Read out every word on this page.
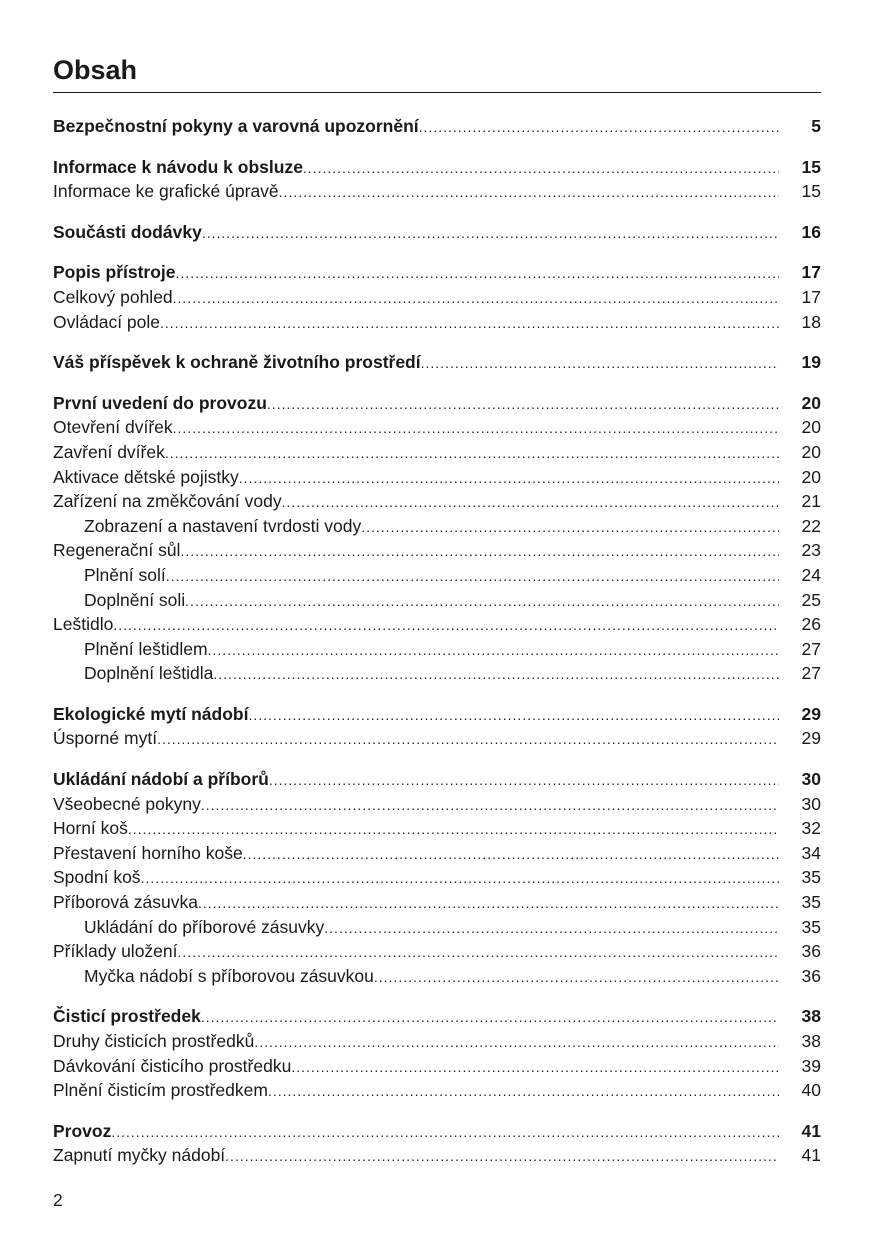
Obsah
Bezpečnostní pokyny a varovná upozornění .....	5
Informace k návodu k obsluze .....	15
Informace ke grafické úpravě .....	15
Součásti dodávky .....	16
Popis přístroje .....	17
Celkový pohled .....	17
Ovládací pole .....	18
Váš příspěvek k ochraně životního prostředí .....	19
První uvedení do provozu .....	20
Otevření dvířek .....	20
Zavření dvířek .....	20
Aktivace dětské pojistky .....	20
Zařízení na změkčování vody .....	21
Zobrazení a nastavení tvrdosti vody .....	22
Regenerační sůl .....	23
Plnění solí .....	24
Doplnění soli .....	25
Leštidlo .....	26
Plnění leštidlem .....	27
Doplnění leštidla .....	27
Ekologické mytí nádobí .....	29
Úsporné mytí .....	29
Ukládání nádobí a příborů .....	30
Všeobecné pokyny .....	30
Horní koš .....	32
Přestavení horního koše .....	34
Spodní koš .....	35
Příborová zásuvka .....	35
Ukládání do příborové zásuvky .....	35
Příklady uložení .....	36
Myčka nádobí s příborovou zásuvkou .....	36
Čisticí prostředek .....	38
Druhy čisticích prostředků .....	38
Dávkování čisticího prostředku .....	39
Plnění čisticím prostředkem .....	40
Provoz .....	41
Zapnutí myčky nádobí .....	41
2
